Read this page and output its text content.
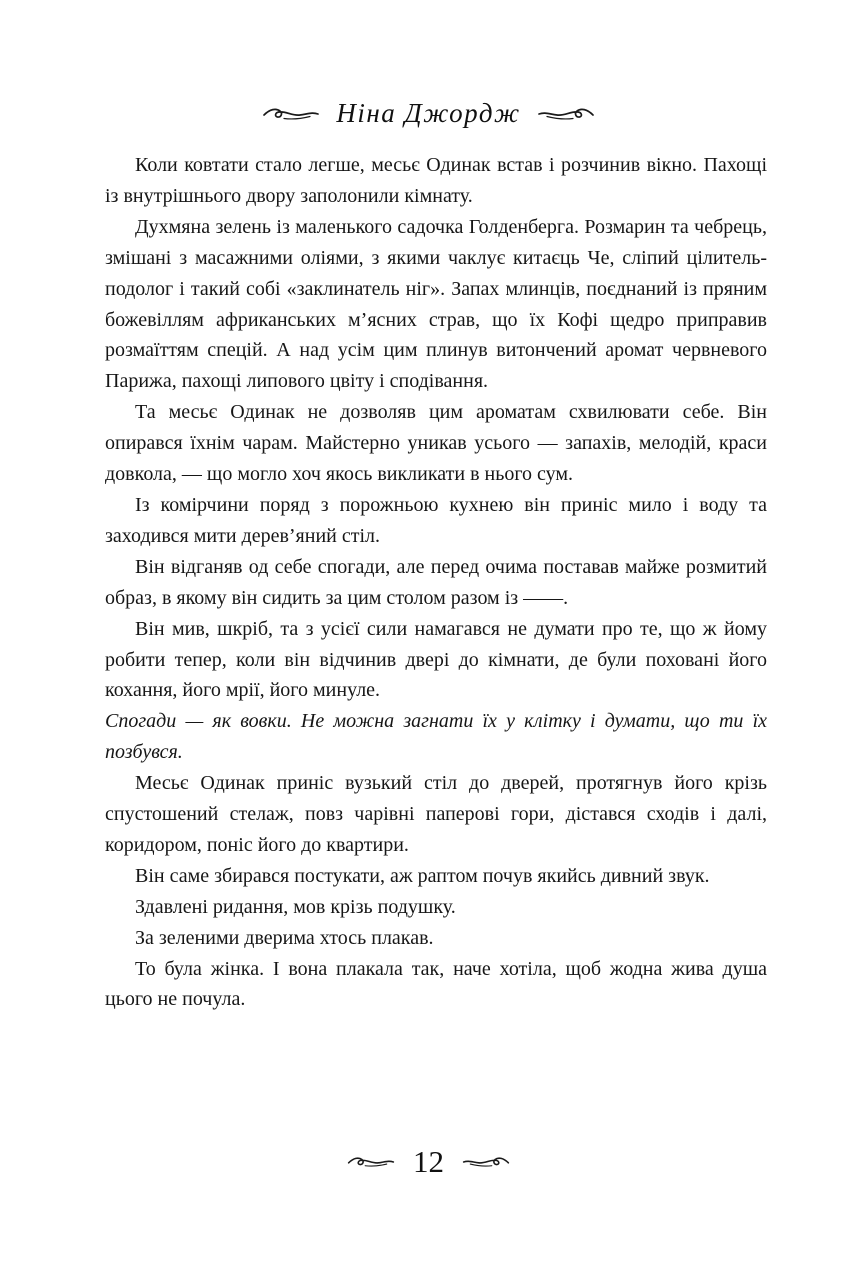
Ніна Джордж

Коли ковтати стало легше, месьє Одинак встав і розчинив вікно. Пахощі із внутрішнього двору заполонили кімнату.

Духмяна зелень із маленького садочка Голденберга. Розмарин та чебрець, змішані з масажними оліями, з якими чаклує китаєць Че, сліпий цілитель-подолог і такий собі «заклинатель ніг». Запах млинців, поєднаний із пряним божевіллям африканських м’ясних страв, що їх Кофі щедро приправив розмаїттям спецій. А над усім цим плинув витончений аромат червневого Парижа, пахощі липового цвіту і сподівання.

Та месьє Одинак не дозволяв цим ароматам схвилювати себе. Він опирався їхнім чарам. Майстерно уникав усього — запахів, мелодій, краси довкола, — що могло хоч якось викликати в нього сум.

Із комірчини поряд з порожньою кухнею він приніс мило і воду та заходився мити дерев’яний стіл.

Він відганяв од себе спогади, але перед очима поставав майже розмитий образ, в якому він сидить за цим столом разом із ——.

Він мив, шкріб, та з усієї сили намагався не думати про те, що ж йому робити тепер, коли він відчинив двері до кімнати, де були поховані його кохання, його мрії, його минуле.

Спогади — як вовки. Не можна загнати їх у клітку і думати, що ти їх позбувся.

Месьє Одинак приніс вузький стіл до дверей, протягнув його крізь спустошений стелаж, повз чарівні паперові гори, дістався сходів і далі, коридором, поніс його до квартири.

Він саме збирався постукати, аж раптом почув якийсь дивний звук.

Здавлені ридання, мов крізь подушку.

За зеленими дверима хтось плакав.

То була жінка. І вона плакала так, наче хотіла, щоб жодна жива душа цього не почула.

12
